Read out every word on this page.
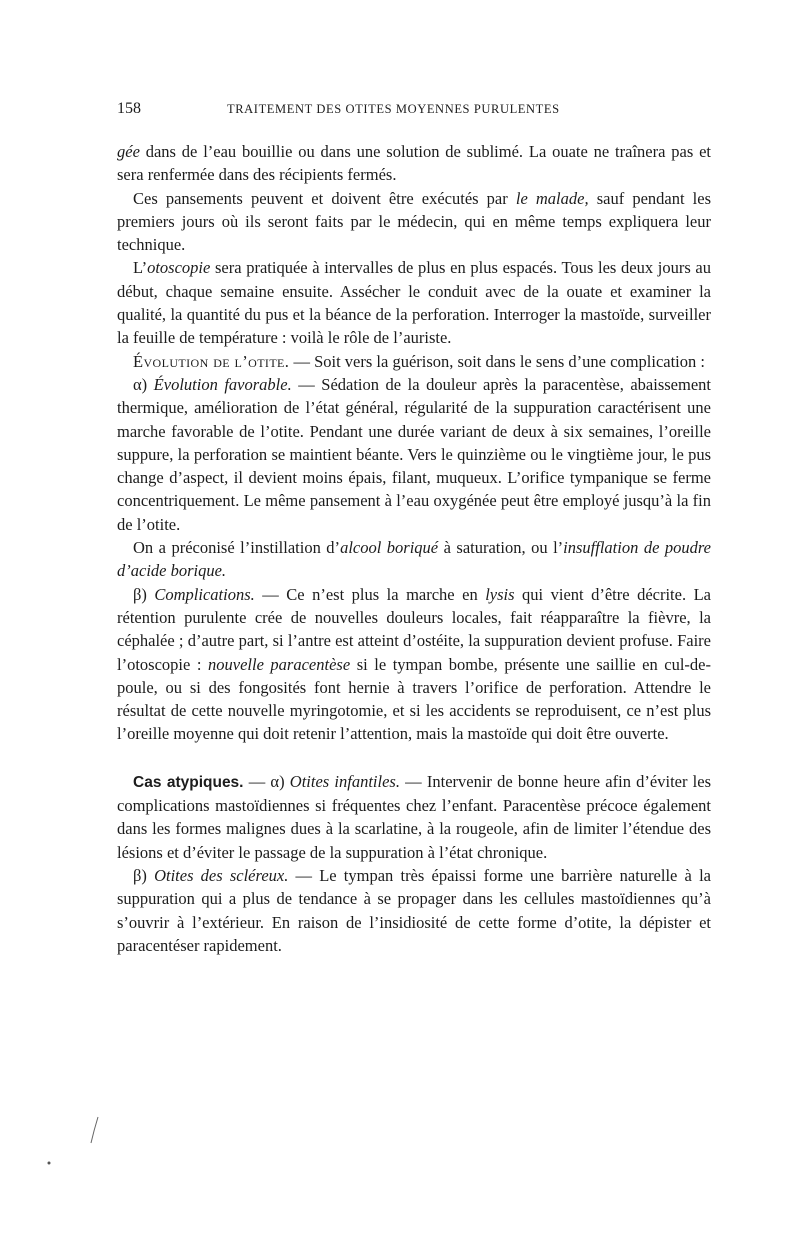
158	TRAITEMENT DES OTITES MOYENNES PURULENTES

gée dans de l’eau bouillie ou dans une solution de sublimé. La ouate ne traînera pas et sera renfermée dans des récipients fermés.

Ces pansements peuvent et doivent être exécutés par le malade, sauf pendant les premiers jours où ils seront faits par le médecin, qui en même temps expliquera leur technique.

L’otoscopie sera pratiquée à intervalles de plus en plus espacés. Tous les deux jours au début, chaque semaine ensuite. Assécher le conduit avec de la ouate et examiner la qualité, la quantité du pus et la béance de la perforation. Interroger la mastoïde, surveiller la feuille de température : voilà le rôle de l’auriste.

Évolution de l’otite. — Soit vers la guérison, soit dans le sens d’une complication :

α) Évolution favorable. — Sédation de la douleur après la paracentèse, abaissement thermique, amélioration de l’état général, régularité de la suppuration caractérisent une marche favorable de l’otite. Pendant une durée variant de deux à six semaines, l’oreille suppure, la perforation se maintient béante. Vers le quinzième ou le vingtième jour, le pus change d’aspect, il devient moins épais, filant, muqueux. L’orifice tympanique se ferme concentriquement. Le même pansement à l’eau oxygénée peut être employé jusqu’à la fin de l’otite.

On a préconisé l’instillation d’alcool boriqué à saturation, ou l’insufflation de poudre d’acide borique.

β) Complications. — Ce n’est plus la marche en lysis qui vient d’être décrite. La rétention purulente crée de nouvelles douleurs locales, fait réapparaître la fièvre, la céphalée ; d’autre part, si l’antre est atteint d’ostéite, la suppuration devient profuse. Faire l’otoscopie : nouvelle paracentèse si le tympan bombe, présente une saillie en cul-de-poule, ou si des fongosités font hernie à travers l’orifice de perforation. Attendre le résultat de cette nouvelle myringotomie, et si les accidents se reproduisent, ce n’est plus l’oreille moyenne qui doit retenir l’attention, mais la mastoïde qui doit être ouverte.

Cas atypiques. — α) Otites infantiles. — Intervenir de bonne heure afin d’éviter les complications mastoïdiennes si fréquentes chez l’enfant. Paracentèse précoce également dans les formes malignes dues à la scarlatine, à la rougeole, afin de limiter l’étendue des lésions et d’éviter le passage de la suppuration à l’état chronique.

β) Otites des scléreux. — Le tympan très épaissi forme une barrière naturelle à la suppuration qui a plus de tendance à se propager dans les cellules mastoïdiennes qu’à s’ouvrir à l’extérieur. En raison de l’insidiosité de cette forme d’otite, la dépister et paracentéser rapidement.
